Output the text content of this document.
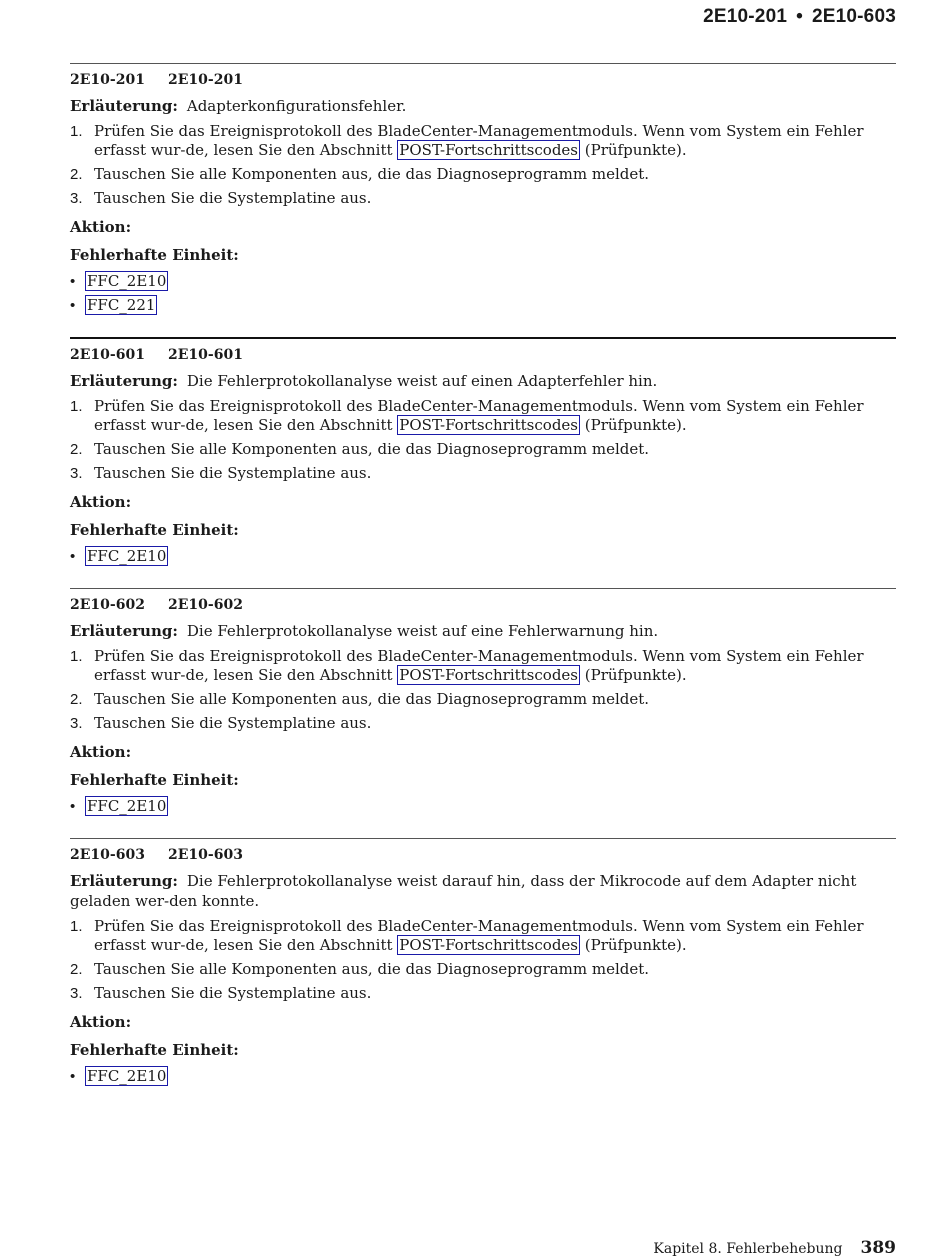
2E10-201 • 2E10-603
2E10-201	2E10-201

Erläuterung: Adapterkonfigurationsfehler.

1. Prüfen Sie das Ereignisprotokoll des BladeCenter-Managementmoduls. Wenn vom System ein Fehler erfasst wur-de, lesen Sie den Abschnitt POST-Fortschrittscodes (Prüfpunkte).
2. Tauschen Sie alle Komponenten aus, die das Diagnoseprogramm meldet.
3. Tauschen Sie die Systemplatine aus.
Aktion:
Fehlerhafte Einheit:
• FFC_2E10
• FFC_221
2E10-601	2E10-601

Erläuterung: Die Fehlerprotokollanalyse weist auf einen Adapterfehler hin.

1. Prüfen Sie das Ereignisprotokoll des BladeCenter-Managementmoduls. Wenn vom System ein Fehler erfasst wur-de, lesen Sie den Abschnitt POST-Fortschrittscodes (Prüfpunkte).
2. Tauschen Sie alle Komponenten aus, die das Diagnoseprogramm meldet.
3. Tauschen Sie die Systemplatine aus.
Aktion:
Fehlerhafte Einheit:
• FFC_2E10
2E10-602	2E10-602

Erläuterung: Die Fehlerprotokollanalyse weist auf eine Fehlerwarnung hin.

1. Prüfen Sie das Ereignisprotokoll des BladeCenter-Managementmoduls. Wenn vom System ein Fehler erfasst wur-de, lesen Sie den Abschnitt POST-Fortschrittscodes (Prüfpunkte).
2. Tauschen Sie alle Komponenten aus, die das Diagnoseprogramm meldet.
3. Tauschen Sie die Systemplatine aus.
Aktion:
Fehlerhafte Einheit:
• FFC_2E10
2E10-603	2E10-603

Erläuterung: Die Fehlerprotokollanalyse weist darauf hin, dass der Mikrocode auf dem Adapter nicht geladen wer-den konnte.

1. Prüfen Sie das Ereignisprotokoll des BladeCenter-Managementmoduls. Wenn vom System ein Fehler erfasst wur-de, lesen Sie den Abschnitt POST-Fortschrittscodes (Prüfpunkte).
2. Tauschen Sie alle Komponenten aus, die das Diagnoseprogramm meldet.
3. Tauschen Sie die Systemplatine aus.
Aktion:
Fehlerhafte Einheit:
• FFC_2E10
Kapitel 8. Fehlerbehebung 389
